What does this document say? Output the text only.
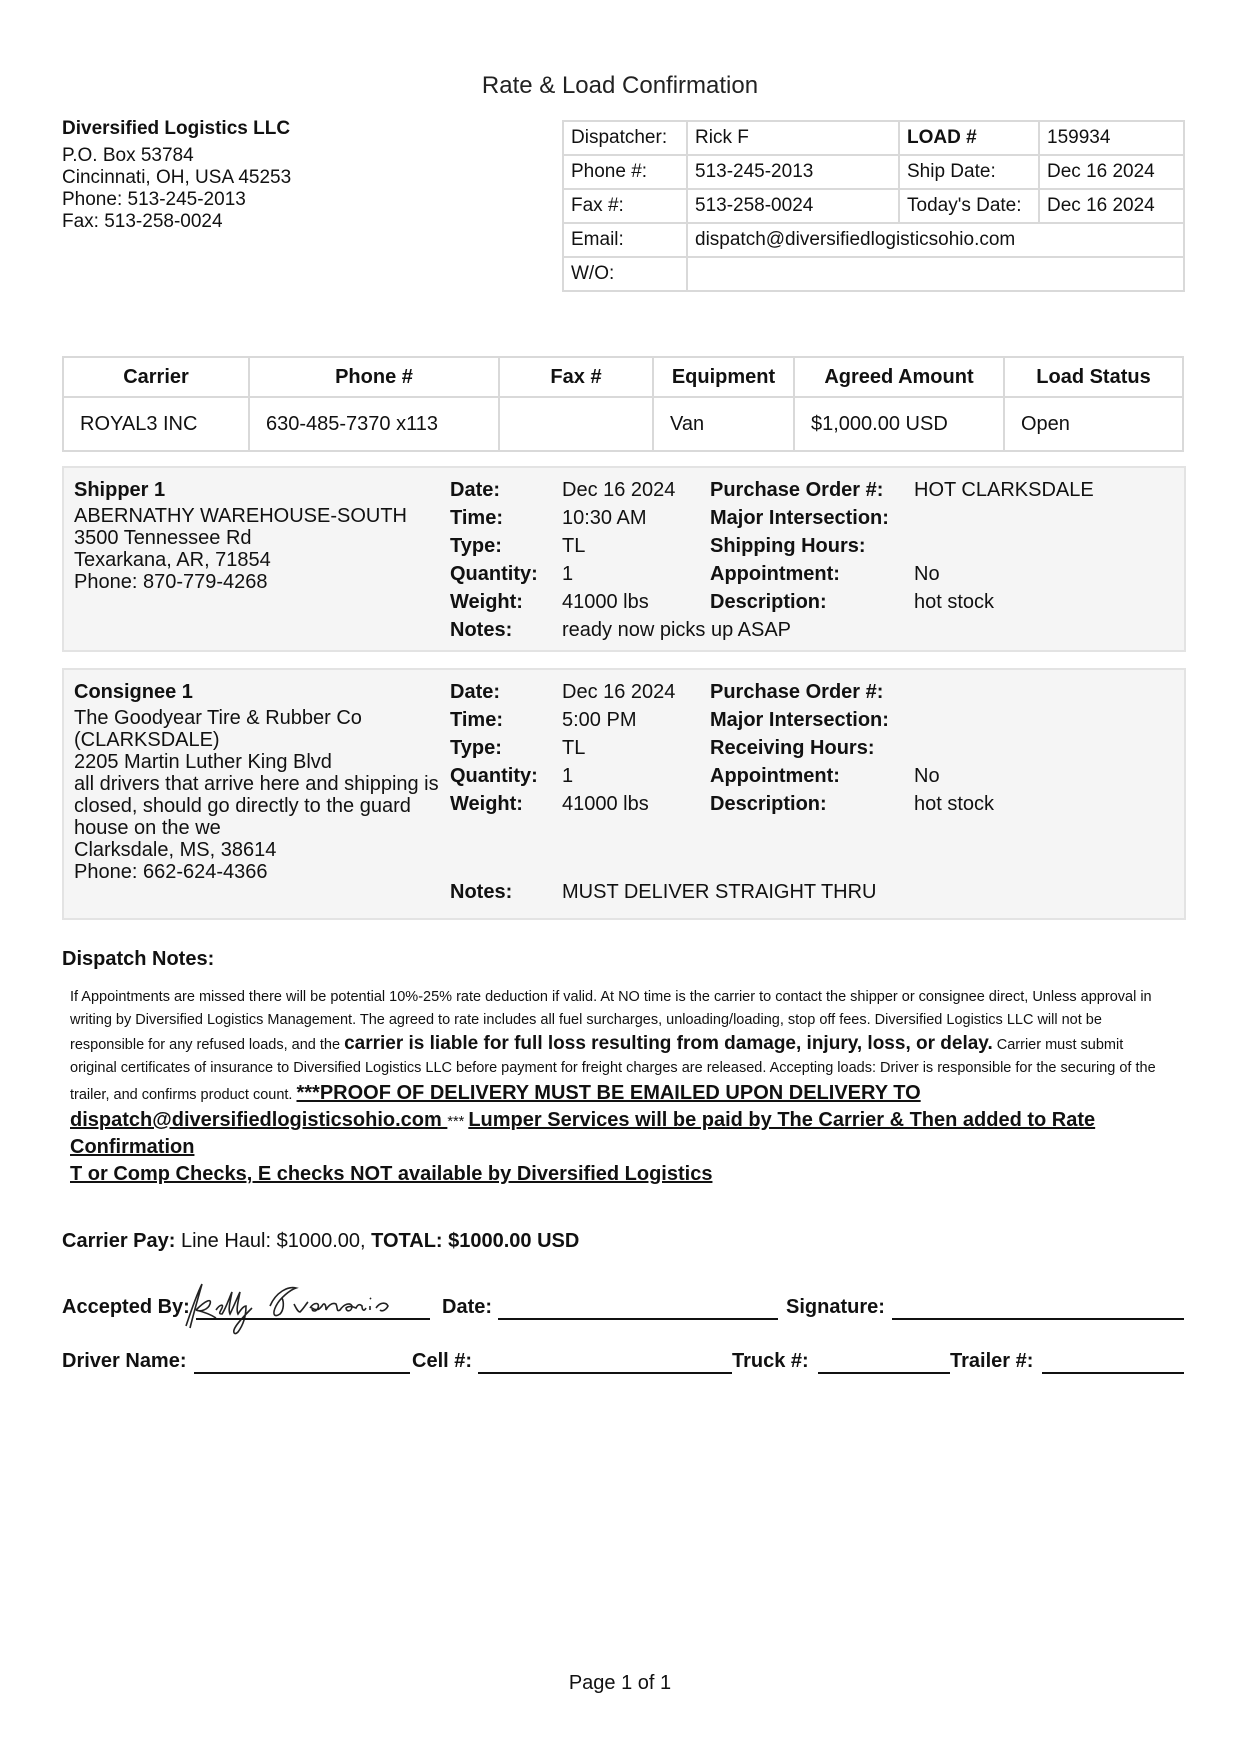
Rate & Load Confirmation
Diversified Logistics LLC
P.O. Box 53784
Cincinnati, OH, USA 45253
Phone: 513-245-2013
Fax: 513-258-0024
Dispatcher:	Rick F	LOAD #	159934
Phone #:	513-245-2013	Ship Date:	Dec 16 2024
Fax #:	513-258-0024	Today's Date:	Dec 16 2024
Email:	dispatch@diversifiedlogisticsohio.com		
W/O:			
Carrier	Phone #	Fax #	Equipment	Agreed Amount	Load Status
ROYAL3 INC	630-485-7370 x113		Van	$1,000.00 USD	Open
Shipper 1
ABERNATHY WAREHOUSE-SOUTH
3500 Tennessee Rd
Texarkana, AR, 71854
Phone: 870-779-4268
Date:	Dec 16 2024
Time:	10:30 AM
Type:	TL
Quantity: 1
Weight: 41000 lbs
Notes: ready now picks up ASAP
Purchase Order #: HOT CLARKSDALE
Major Intersection:
Shipping Hours:
Appointment:	No
Description:	hot stock
Consignee 1
The Goodyear Tire & Rubber Co (CLARKSDALE)
2205 Martin Luther King Blvd
all drivers that arrive here and shipping is closed, should go directly to the guard house on the we
Clarksdale, MS, 38614
Phone: 662-624-4366
Date:	Dec 16 2024
Time:	5:00 PM
Type:	TL
Quantity: 1
Weight: 41000 lbs
Notes: MUST DELIVER STRAIGHT THRU
Purchase Order #:
Major Intersection:
Receiving Hours:
Appointment:	No
Description:	hot stock
Dispatch Notes:
If Appointments are missed there will be potential 10%-25% rate deduction if valid. At NO time is the carrier to contact the shipper or consignee direct, Unless approval in writing by Diversified Logistics Management. The agreed to rate includes all fuel surcharges, unloading/loading, stop off fees. Diversified Logistics LLC will not be responsible for any refused loads, and the carrier is liable for full loss resulting from damage, injury, loss, or delay. Carrier must submit original certificates of insurance to Diversified Logistics LLC before payment for freight charges are released. Accepting loads: Driver is responsible for the securing of the trailer, and confirms product count. ***PROOF OF DELIVERY MUST BE EMAILED UPON DELIVERY TO dispatch@diversifiedlogisticsohio.com *** Lumper Services will be paid by The Carrier & Then added to Rate Confirmation
T or Comp Checks, E checks NOT available by Diversified Logistics
Carrier Pay: Line Haul: $1000.00, TOTAL: $1000.00 USD
Accepted By:	Date:	Signature:
Driver Name:	Cell #:	Truck #:	Trailer #:
Page 1 of 1
